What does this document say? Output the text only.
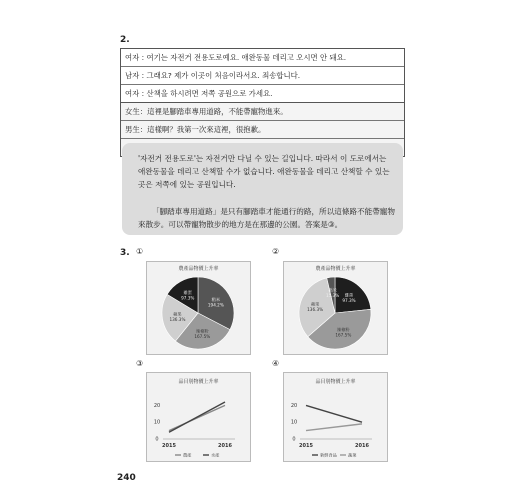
2.
여자 : 여기는 자전거 전용도로예요. 애완동물 데리고 오시면 안 돼요.
남자 : 그래요? 제가 이곳이 처음이라서요. 죄송합니다.
여자 : 산책을 하시려면 저쪽 공원으로 가세요.
女生：這裡是腳踏車專用道路，不能帶寵物進來。
男生：這樣啊？我第一次來這裡，很抱歉。
'자전거 전용도로'는 자전거만 다닐 수 있는 길입니다. 따라서 이 도로에서는
애완동물을 데리고 산책할 수가 없습니다. 애완동물을 데리고 산책할 수 있는
곳은 저쪽에 있는 공원입니다.
「腳踏車專用道路」是只有腳踏車才能通行的路，所以這條路不能帶寵物
來散步。可以帶寵物散步的地方是在那邊的公園。答案是③。
3. ①	②
③	④
農產品物價上升率
稻米
194.2%
辣椒粉
167.5%
蘋果
136.3%
雞蛋
97.3%
農產品物價上升率
雞蛋
97.3%
辣椒粉
167.5%
蘋果
136.3%
稻米
15.3%
品目別物價上升率
0
10
20
2015	2016
農產	水產
品目別物價上升率
0
10
20
2015	2016
新鮮食品	蔬菜
240
